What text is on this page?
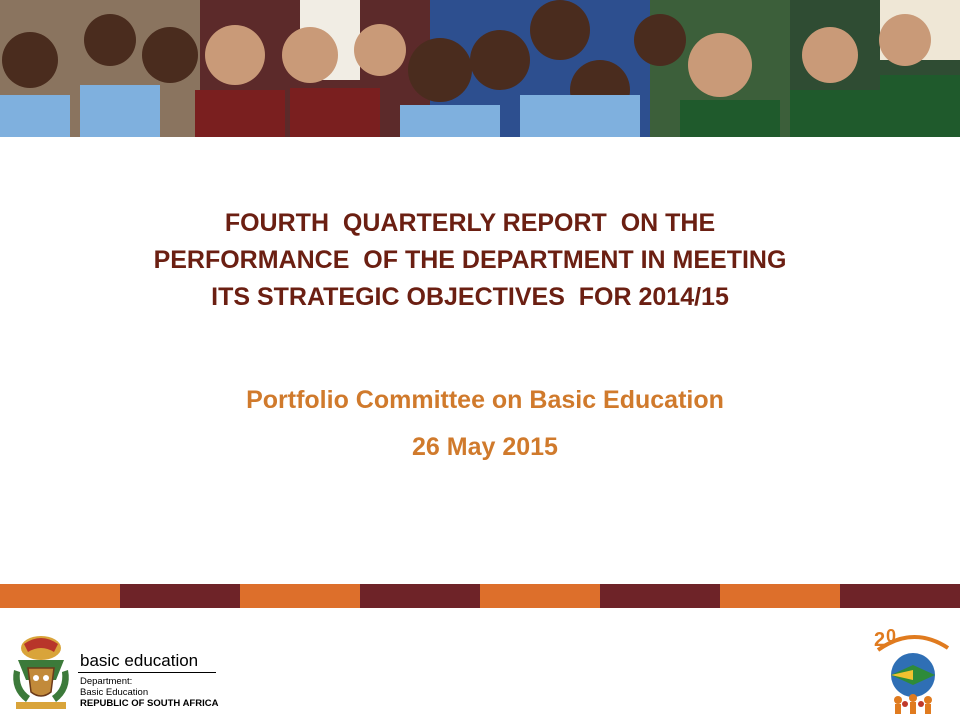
FOURTH  QUARTERLY REPORT  ON THE
PERFORMANCE  OF THE DEPARTMENT IN MEETING
ITS STRATEGIC OBJECTIVES  FOR 2014/15
Portfolio Committee on Basic Education
26 May 2015
basic education
Department:
Basic Education
REPUBLIC OF SOUTH AFRICA
2 0
